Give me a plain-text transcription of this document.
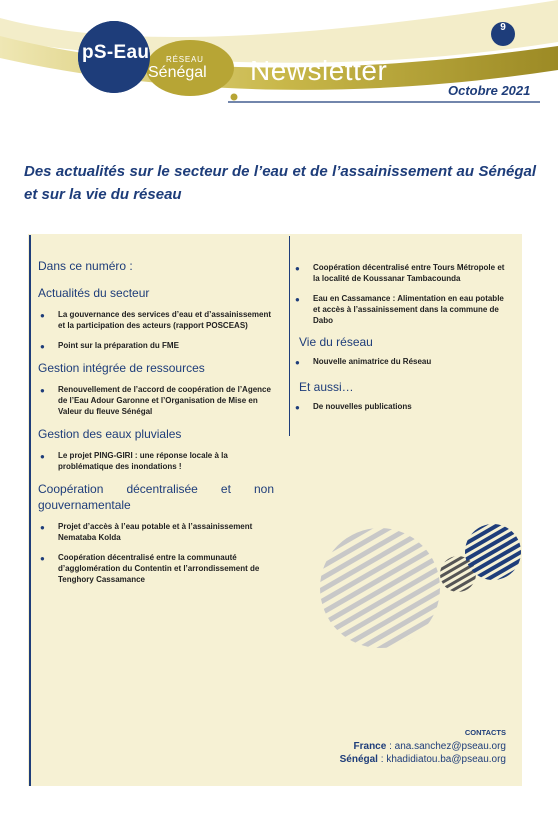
pS-Eau RÉSEAU
Sénégal Newsletter
9
Octobre 2021

Des actualités sur le secteur de l’eau et de l’assainissement au Sénégal et sur la vie du réseau

Dans ce numéro :
Actualités du secteur
● La gouvernance des services d’eau et d’assainissement et la participation des acteurs (rapport POSCEAS)
● Point sur la préparation du FME
Gestion intégrée de ressources
● Renouvellement de l’accord de coopération de l’Agence de l’Eau Adour Garonne et l’Organisation de Mise en Valeur du fleuve Sénégal
Gestion des eaux pluviales
● Le projet PING-GIRI : une réponse locale à la problématique des inondations !
Coopération décentralisée et non gouvernamentale
● Projet d’accès à l’eau potable et à l’assainissement Nemataba Kolda
● Coopération décentralisé entre la communauté d’agglomération du Contentin et l’arrondissement de Tenghory Cassamance
● Coopération décentralisé entre Tours Métropole et la localité de Koussanar Tambacounda
● Eau en Cassamance : Alimentation en eau potable et accès à l’assainissement dans la commune de Dabo
Vie du réseau
● Nouvelle animatrice du Réseau
Et aussi…
● De nouvelles publications
CONTACTS
France : ana.sanchez@pseau.org
Sénégal : khadidiatou.ba@pseau.org
